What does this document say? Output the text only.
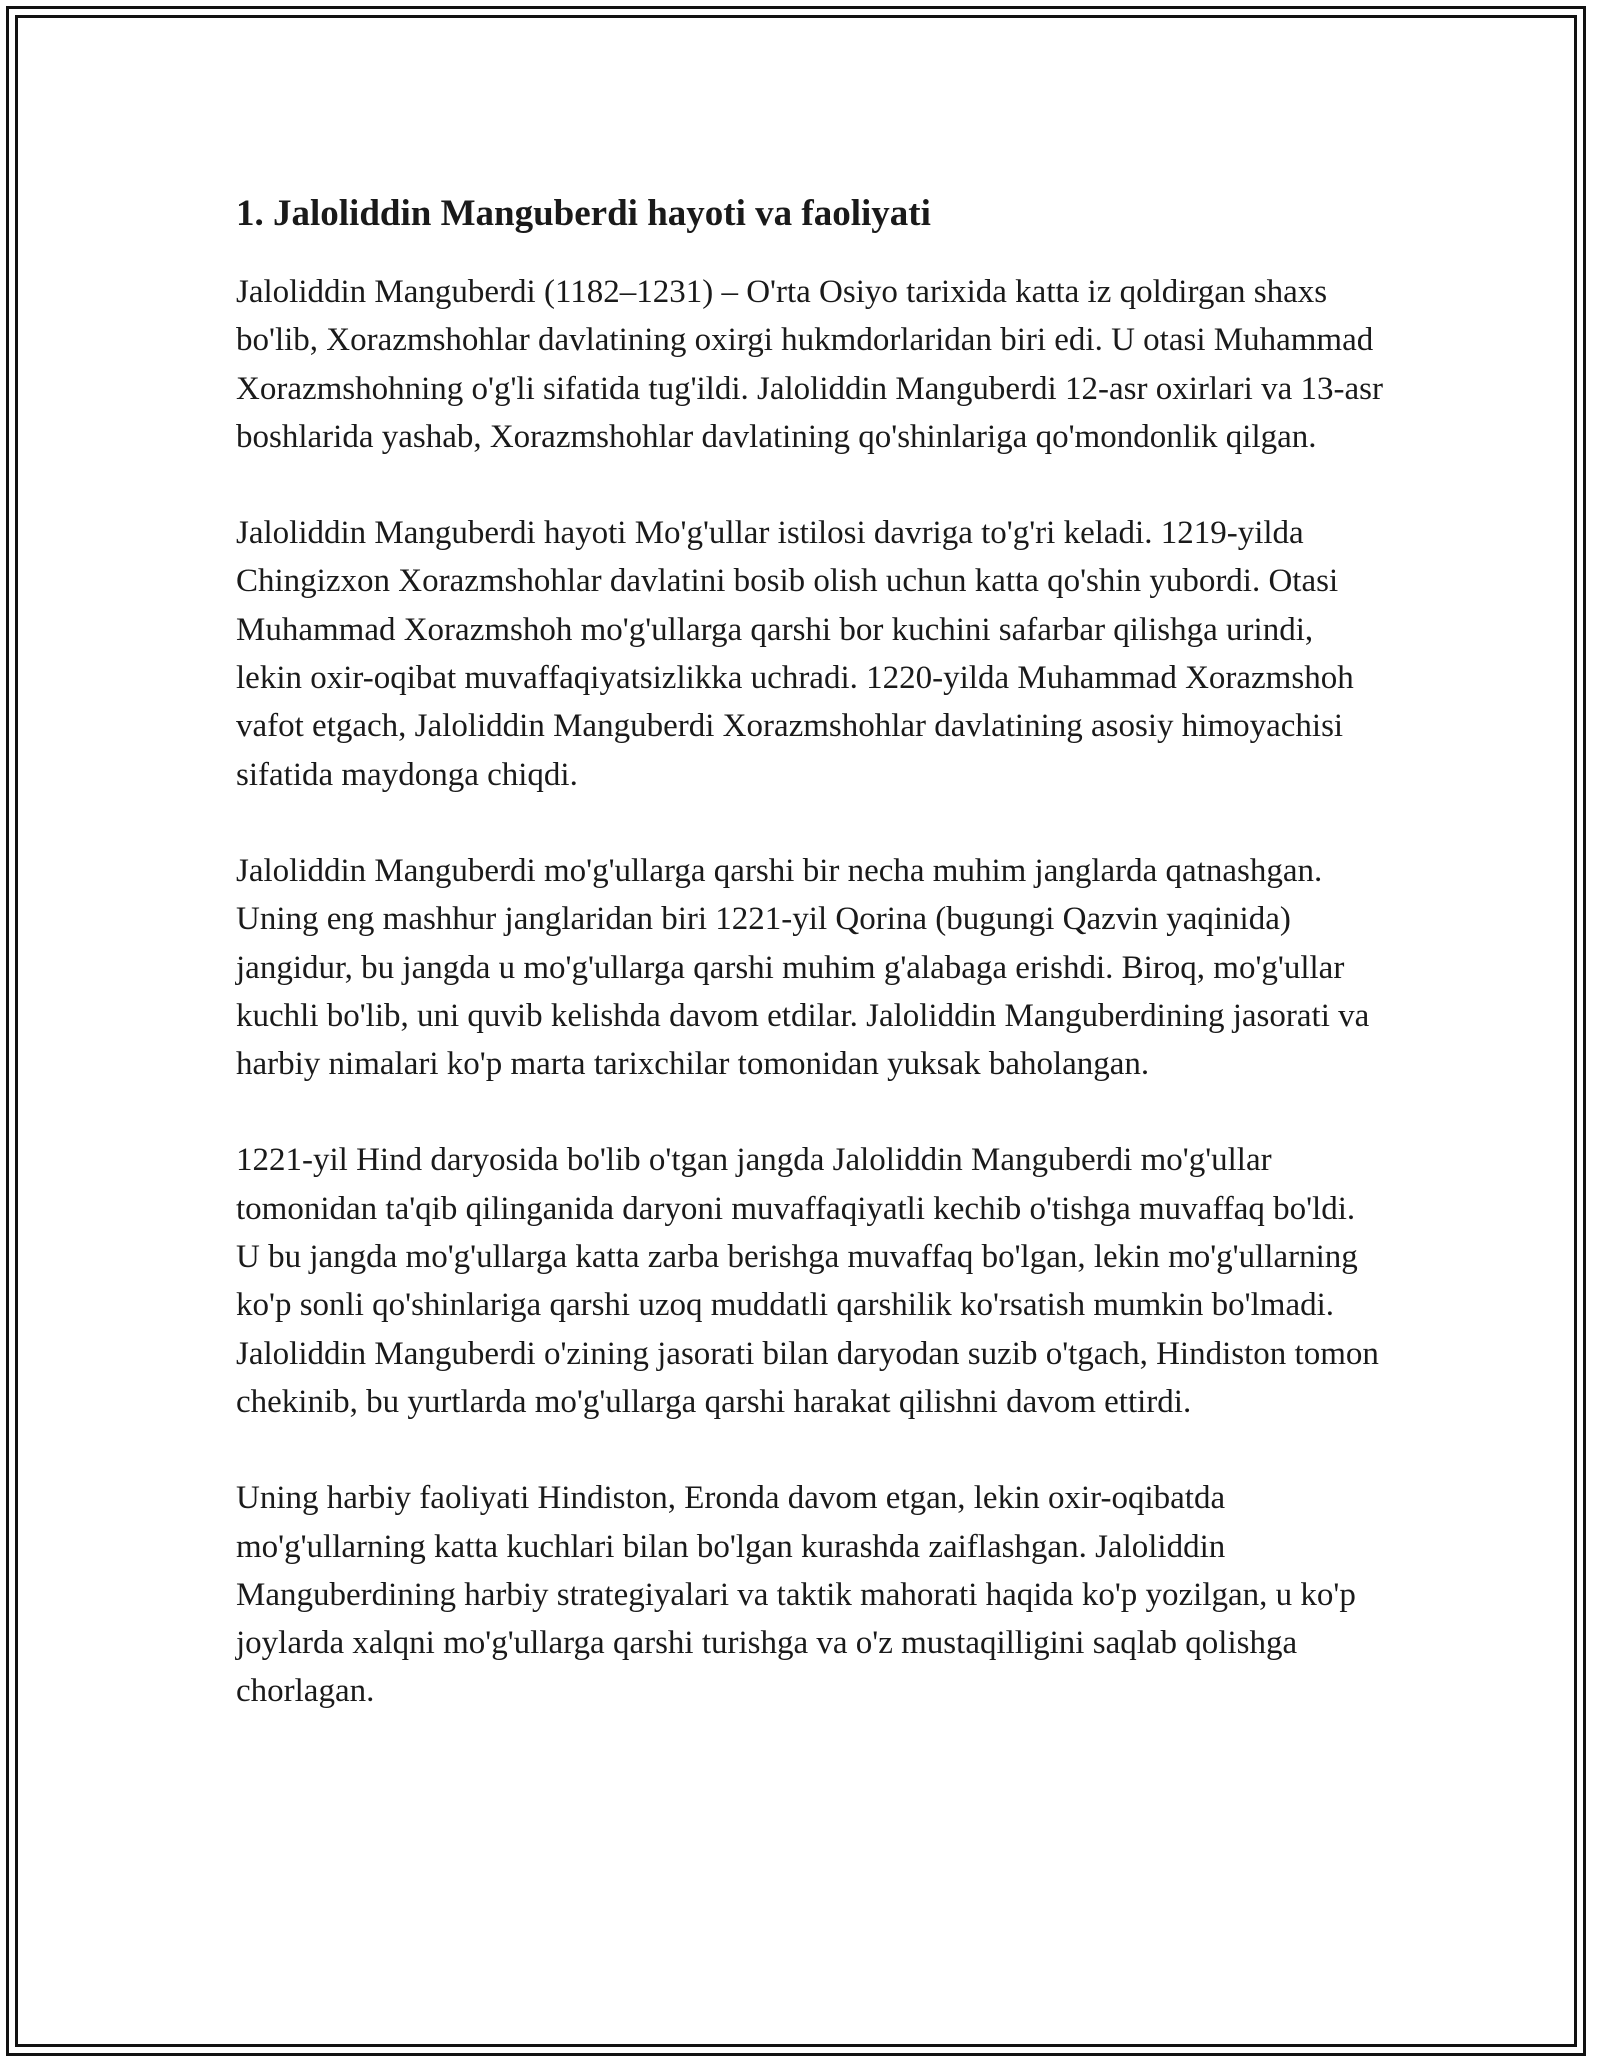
1. Jaloliddin Manguberdi hayoti va faoliyati

Jaloliddin Manguberdi (1182–1231) – O'rta Osiyo tarixida katta iz qoldirgan shaxs bo'lib, Xorazmshohlar davlatining oxirgi hukmdorlaridan biri edi. U otasi Muhammad Xorazmshohning o'g'li sifatida tug'ildi. Jaloliddin Manguberdi 12-asr oxirlari va 13-asr boshlarida yashab, Xorazmshohlar davlatining qo'shinlariga qo'mondonlik qilgan.

Jaloliddin Manguberdi hayoti Mo'g'ullar istilosi davriga to'g'ri keladi. 1219-yilda Chingizxon Xorazmshohlar davlatini bosib olish uchun katta qo'shin yubordi. Otasi Muhammad Xorazmshoh mo'g'ullarga qarshi bor kuchini safarbar qilishga urindi, lekin oxir-oqibat muvaffaqiyatsizlikka uchradi. 1220-yilda Muhammad Xorazmshoh vafot etgach, Jaloliddin Manguberdi Xorazmshohlar davlatining asosiy himoyachisi sifatida maydonga chiqdi.

Jaloliddin Manguberdi mo'g'ullarga qarshi bir necha muhim janglarda qatnashgan. Uning eng mashhur janglaridan biri 1221-yil Qorina (bugungi Qazvin yaqinida) jangidur, bu jangda u mo'g'ullarga qarshi muhim g'alabaga erishdi. Biroq, mo'g'ullar kuchli bo'lib, uni quvib kelishda davom etdilar. Jaloliddin Manguberdining jasorati va harbiy nimalari ko'p marta tarixchilar tomonidan yuksak baholangan.

1221-yil Hind daryosida bo'lib o'tgan jangda Jaloliddin Manguberdi mo'g'ullar tomonidan ta'qib qilinganida daryoni muvaffaqiyatli kechib o'tishga muvaffaq bo'ldi. U bu jangda mo'g'ullarga katta zarba berishga muvaffaq bo'lgan, lekin mo'g'ullarning ko'p sonli qo'shinlariga qarshi uzoq muddatli qarshilik ko'rsatish mumkin bo'lmadi. Jaloliddin Manguberdi o'zining jasorati bilan daryodan suzib o'tgach, Hindiston tomon chekinib, bu yurtlarda mo'g'ullarga qarshi harakat qilishni davom ettirdi.

Uning harbiy faoliyati Hindiston, Eronda davom etgan, lekin oxir-oqibatda mo'g'ullarning katta kuchlari bilan bo'lgan kurashda zaiflashgan. Jaloliddin Manguberdining harbiy strategiyalari va taktik mahorati haqida ko'p yozilgan, u ko'p joylarda xalqni mo'g'ullarga qarshi turishga va o'z mustaqilligini saqlab qolishga chorlagan.
